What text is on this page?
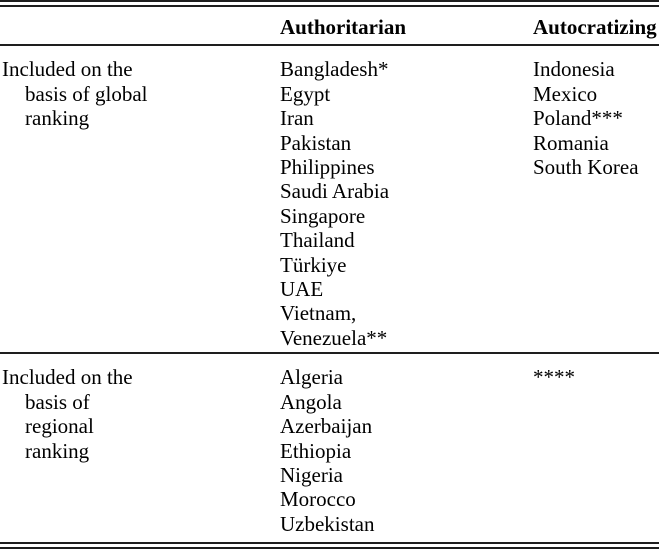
Authoritarian	Autocratizing
Included on the
basis of global
ranking
Bangladesh*
Egypt
Iran
Pakistan
Philippines
Saudi Arabia
Singapore
Thailand
Türkiye
UAE
Vietnam,
Venezuela**
Indonesia
Mexico
Poland***
Romania
South Korea
Included on the
basis of
regional
ranking
Algeria
Angola
Azerbaijan
Ethiopia
Nigeria
Morocco
Uzbekistan
****
